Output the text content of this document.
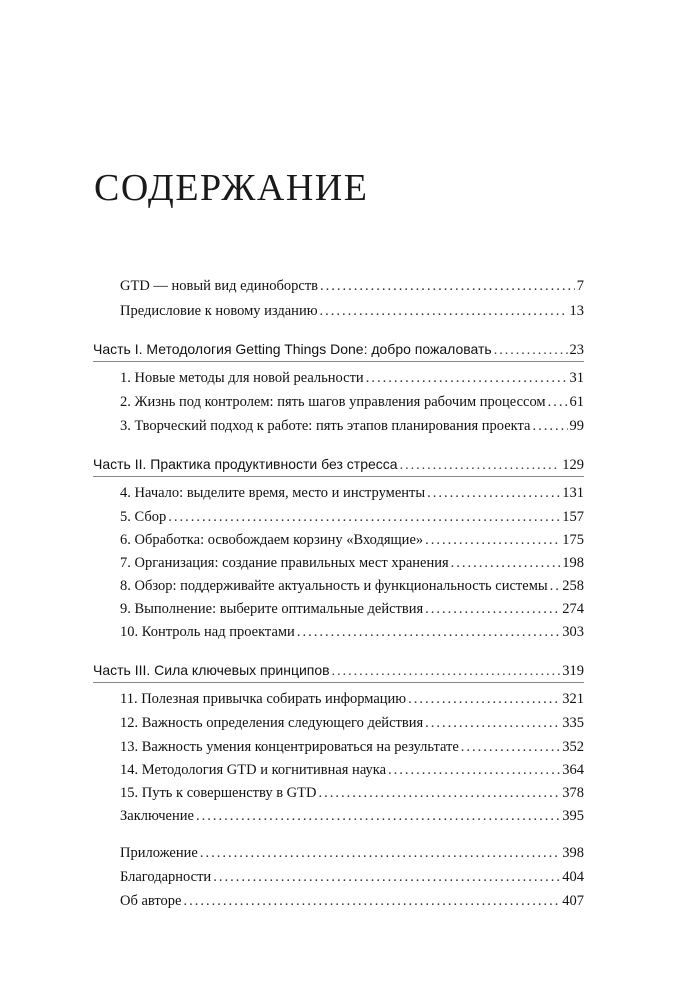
СОДЕРЖАНИЕ
GTD — новый вид единоборств .....	7
Предисловие к новому изданию .....	13
Часть I. Методология Getting Things Done: добро пожаловать .....	23
1. Новые методы для новой реальности .....	31
2. Жизнь под контролем: пять шагов управления рабочим процессом ..... 61
3. Творческий подход к работе: пять этапов планирования проекта .....	99
Часть II. Практика продуктивности без стресса .....	129
4. Начало: выделите время, место и инструменты .....	131
5. Сбор .....	157
6. Обработка: освобождаем корзину «Входящие» .....	175
7. Организация: создание правильных мест хранения .....	198
8. Обзор: поддерживайте актуальность и функциональность системы ..... 258
9. Выполнение: выберите оптимальные действия .....	274
10. Контроль над проектами .....	303
Часть III. Сила ключевых принципов .....	319
11. Полезная привычка собирать информацию .....	321
12. Важность определения следующего действия .....	335
13. Важность умения концентрироваться на результате .....	352
14. Методология GTD и когнитивная наука .....	364
15. Путь к совершенству в GTD .....	378
Заключение .....	395
Приложение .....	398
Благодарности .....	404
Об авторе .....	407
